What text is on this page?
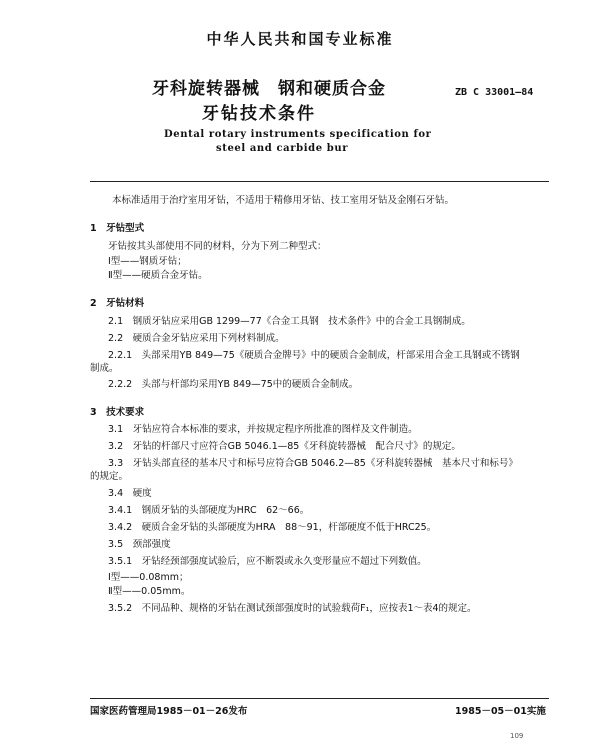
中华人民共和国专业标准
牙科旋转器械　钢和硬质合金
牙钻技术条件
ZB C 33001—84
Dental rotary instruments specification for
steel and carbide bur
本标准适用于治疗室用牙钻，不适用于精修用牙钻、技工室用牙钻及金刚石牙钻。
1　牙钻型式
牙钻按其头部使用不同的材料，分为下列二种型式：
Ⅰ型——钢质牙钻；
Ⅱ型——硬质合金牙钻。
2　牙钻材料
2.1　钢质牙钻应采用GB 1299—77《合金工具钢　技术条件》中的合金工具钢制成。
2.2　硬质合金牙钻应采用下列材料制成。
2.2.1　头部采用YB 849—75《硬质合金牌号》中的硬质合金制成，杆部采用合金工具钢或不锈钢
制成。
2.2.2　头部与杆部均采用YB 849—75中的硬质合金制成。
3　技术要求
3.1　牙钻应符合本标准的要求，并按规定程序所批准的图样及文件制造。
3.2　牙钻的杆部尺寸应符合GB 5046.1—85《牙科旋转器械　配合尺寸》的规定。
3.3　牙钻头部直径的基本尺寸和标号应符合GB 5046.2—85《牙科旋转器械　基本尺寸和标号》
的规定。
3.4　硬度
3.4.1　钢质牙钻的头部硬度为HRC　62～66。
3.4.2　硬质合金牙钻的头部硬度为HRA　88～91，杆部硬度不低于HRC25。
3.5　颈部强度
3.5.1　牙钻经颈部强度试验后，应不断裂或永久变形量应不超过下列数值。
Ⅰ型——0.08mm；
Ⅱ型——0.05mm。
3.5.2　不同品种、规格的牙钻在测试颈部强度时的试验载荷F₁，应按表1～表4的规定。
国家医药管理局1985－01－26发布	1985－05－01实施
109
